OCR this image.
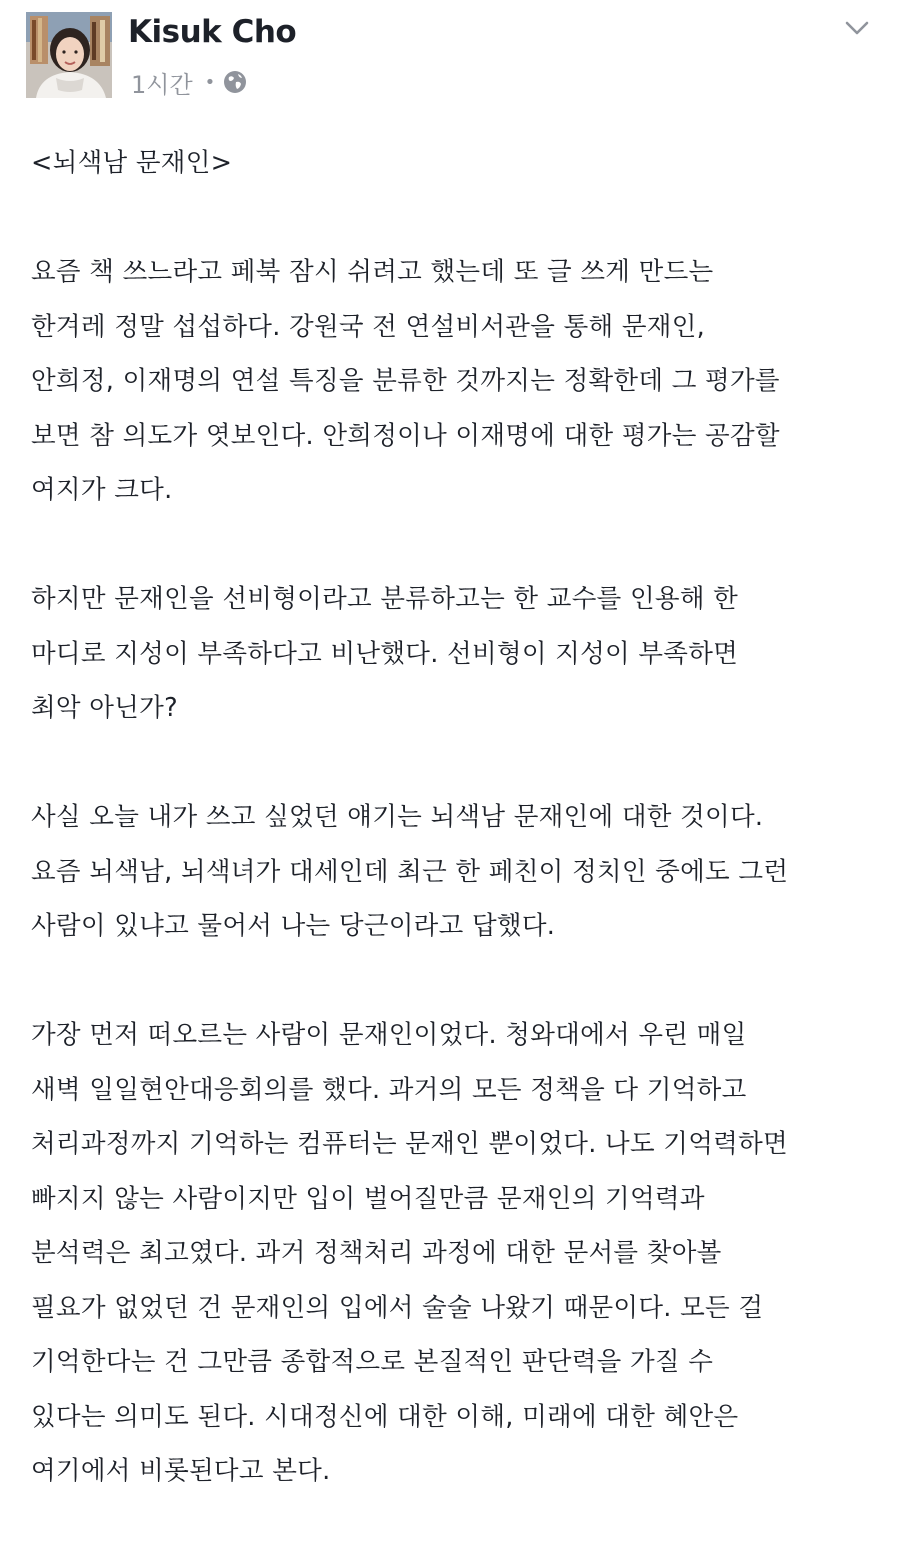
Kisuk Cho
1시간 •
<뇌색남 문재인>
요즘 책 쓰느라고 페북 잠시 쉬려고 했는데 또 글 쓰게 만드는
한겨레 정말 섭섭하다. 강원국 전 연설비서관을 통해 문재인,
안희정, 이재명의 연설 특징을 분류한 것까지는 정확한데 그 평가를
보면 참 의도가 엿보인다. 안희정이나 이재명에 대한 평가는 공감할
여지가 크다.
하지만 문재인을 선비형이라고 분류하고는 한 교수를 인용해 한
마디로 지성이 부족하다고 비난했다. 선비형이 지성이 부족하면
최악 아닌가?
사실 오늘 내가 쓰고 싶었던 얘기는 뇌색남 문재인에 대한 것이다.
요즘 뇌색남, 뇌색녀가 대세인데 최근 한 페친이 정치인 중에도 그런
사람이 있냐고 물어서 나는 당근이라고 답했다.
가장 먼저 떠오르는 사람이 문재인이었다. 청와대에서 우린 매일
새벽 일일현안대응회의를 했다. 과거의 모든 정책을 다 기억하고
처리과정까지 기억하는 컴퓨터는 문재인 뿐이었다. 나도 기억력하면
빠지지 않는 사람이지만 입이 벌어질만큼 문재인의 기억력과
분석력은 최고였다. 과거 정책처리 과정에 대한 문서를 찾아볼
필요가 없었던 건 문재인의 입에서 술술 나왔기 때문이다. 모든 걸
기억한다는 건 그만큼 종합적으로 본질적인 판단력을 가질 수
있다는 의미도 된다. 시대정신에 대한 이해, 미래에 대한 혜안은
여기에서 비롯된다고 본다.
